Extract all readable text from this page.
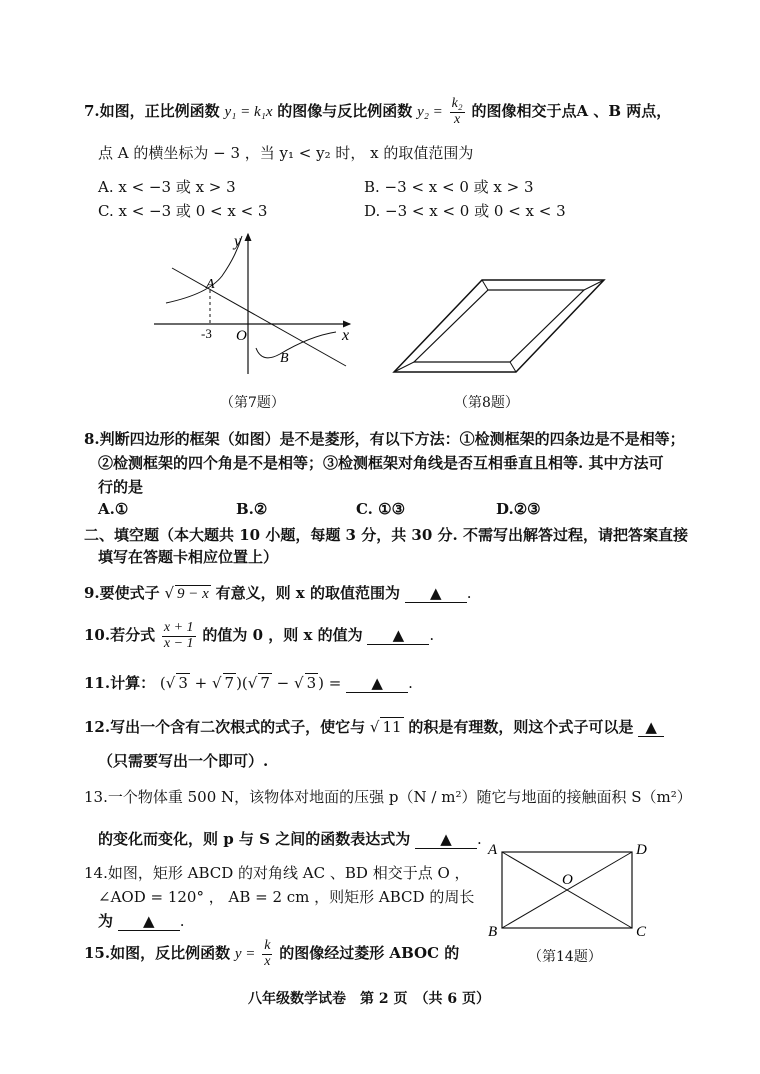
7.如图，正比例函数 y₁ = k₁x 的图像与反比例函数 $y_2 = \frac{\text{k₂}}{x}$ 的图像相交于点A 、B 两点，
点 A 的横坐标为 − 3 ，当 y₁ < y₂ 时， x 的取值范围为
A. x < −3 或 x > 3	B. −3 < x < 0 或 x > 3
C. x < −3 或 0 < x < 3	D. −3 < x < 0 或 0 < x < 3
y
x
A
B
O
-3
（第7题）	（第8题）
8.判断四边形的框架（如图）是不是菱形，有以下方法：①检测框架的四条边是不是相等；
②检测框架的四个角是不是相等；③检测框架对角线是否互相垂直且相等. 其中方法可
行的是
A.①	B.②	C. ①③	D.②③
二、填空题（本大题共 10 小题，每题 3 分，共 30 分. 不需写出解答过程，请把答案直接
填写在答题卡相应位置上）
9.要使式子 √ 9 − x 有意义，则 x 的取值范围为 ▲ .
10.若分式 $\frac{x + 1}{x - 1}$ 的值为 0 ，则 x 的值为 ▲ .
11.计算： (√ 3 + √ 7 )(√ 7 − √ 3 ) = ▲ .
12.写出一个含有二次根式的式子，使它与 √ 11 的积是有理数，则这个式子可以是 ▲
（只需要写出一个即可）.
13.一个物体重 500 N，该物体对地面的压强 p（N / m²）随它与地面的接触面积 S（m²）
的变化而变化，则 p 与 S 之间的函数表达式为 ▲ .
14.如图，矩形 ABCD 的对角线 AC 、BD 相交于点 O ，
∠AOD = 120° ， AB = 2 cm ，则矩形 ABCD 的周长
为 ▲ .
A	D
B	C
O
（第14题）
15.如图，反比例函数 $y = \frac{k}{x}$ 的图像经过菱形 ABOC 的
八年级数学试卷　第 2 页　（共 6 页）
